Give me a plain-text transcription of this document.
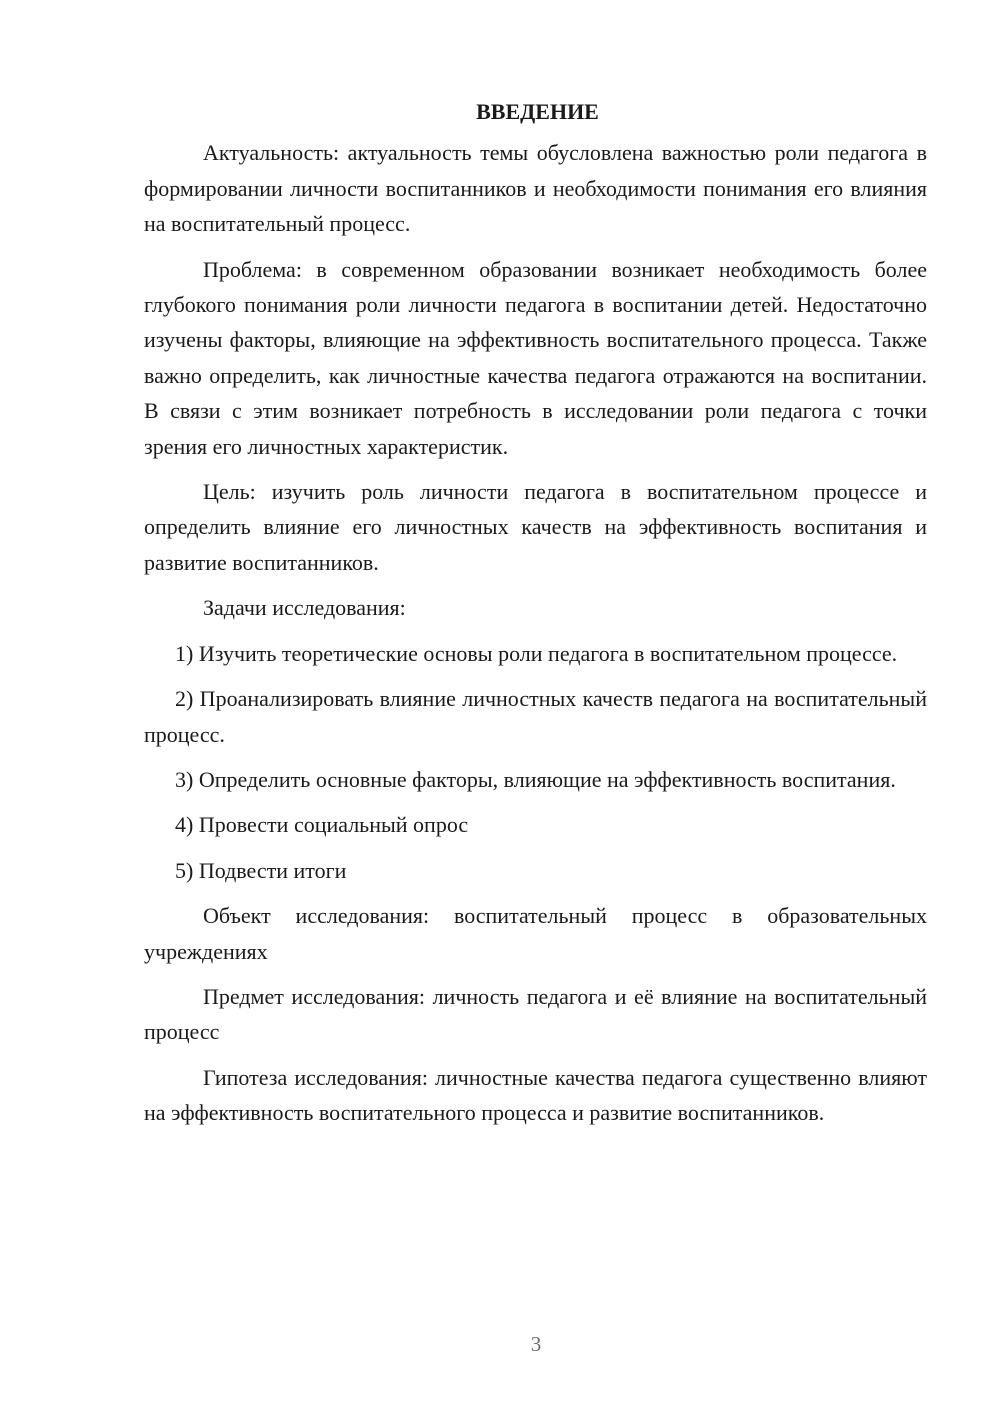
ВВЕДЕНИЕ

Актуальность: актуальность темы обусловлена важностью роли педагога в формировании личности воспитанников и необходимости понимания его влияния на воспитательный процесс.

Проблема: в современном образовании возникает необходимость более глубокого понимания роли личности педагога в воспитании детей. Недостаточно изучены факторы, влияющие на эффективность воспитательного процесса. Также важно определить, как личностные качества педагога отражаются на воспитании. В связи с этим возникает потребность в исследовании роли педагога с точки зрения его личностных характеристик.

Цель: изучить роль личности педагога в воспитательном процессе и определить влияние его личностных качеств на эффективность воспитания и развитие воспитанников.

Задачи исследования:

1) Изучить теоретические основы роли педагога в воспитательном процессе.

2) Проанализировать влияние личностных качеств педагога на воспитательный процесс.

3) Определить основные факторы, влияющие на эффективность воспитания.

4) Провести социальный опрос

5) Подвести итоги

Объект исследования: воспитательный процесс в образовательных учреждениях

Предмет исследования: личность педагога и её влияние на воспитательный процесс

Гипотеза исследования: личностные качества педагога существенно влияют на эффективность воспитательного процесса и развитие воспитанников.

3
